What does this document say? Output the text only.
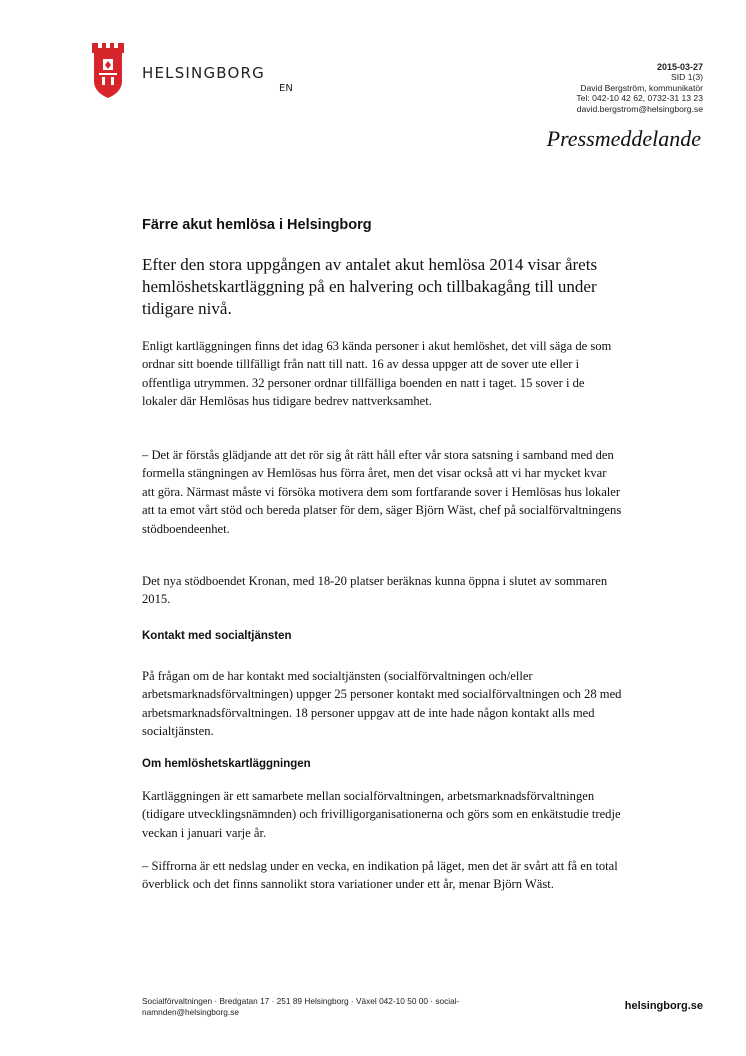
HELSINGBORG
EN
2015-03-27
SID 1(3)
David Bergström, kommunikatör
Tel: 042-10 42 62, 0732-31 13 23
david.bergstrom@helsingborg.se
Pressmeddelande
Färre akut hemlösa i Helsingborg
Efter den stora uppgången av antalet akut hemlösa 2014 visar årets hemlöshetskartläggning på en halvering och tillbakagång till under tidigare nivå.

Enligt kartläggningen finns det idag 63 kända personer i akut hemlöshet, det vill säga de som ordnar sitt boende tillfälligt från natt till natt. 16 av dessa uppger att de sover ute eller i offentliga utrymmen. 32 personer ordnar tillfälliga boenden en natt i taget. 15 sover i de lokaler där Hemlösas hus tidigare bedrev nattverksamhet.

– Det är förstås glädjande att det rör sig åt rätt håll efter vår stora satsning i samband med den formella stängningen av Hemlösas hus förra året, men det visar också att vi har mycket kvar att göra. Närmast måste vi försöka motivera dem som fortfarande sover i Hemlösas hus lokaler att ta emot vårt stöd och bereda platser för dem, säger Björn Wäst, chef på socialförvaltningens stödboendeenhet.

Det nya stödboendet Kronan, med 18-20 platser beräknas kunna öppna i slutet av sommaren 2015.

Kontakt med socialtjänsten

På frågan om de har kontakt med socialtjänsten (socialförvaltningen och/eller arbetsmarknadsförvaltningen) uppger 25 personer kontakt med socialförvaltningen och 28 med arbetsmarknadsförvaltningen. 18 personer uppgav att de inte hade någon kontakt alls med socialtjänsten.

Om hemlöshetskartläggningen

Kartläggningen är ett samarbete mellan socialförvaltningen, arbetsmarknadsförvaltningen (tidigare utvecklingsnämnden) och frivilligorganisationerna och görs som en enkätstudie tredje veckan i januari varje år.

– Siffrorna är ett nedslag under en vecka, en indikation på läget, men det är svårt att få en total överblick och det finns sannolikt stora variationer under ett år, menar Björn Wäst.

Socialförvaltningen · Bredgatan 17 · 251 89 Helsingborg · Växel 042-10 50 00 · social-
namnden@helsingborg.se	helsingborg.se
